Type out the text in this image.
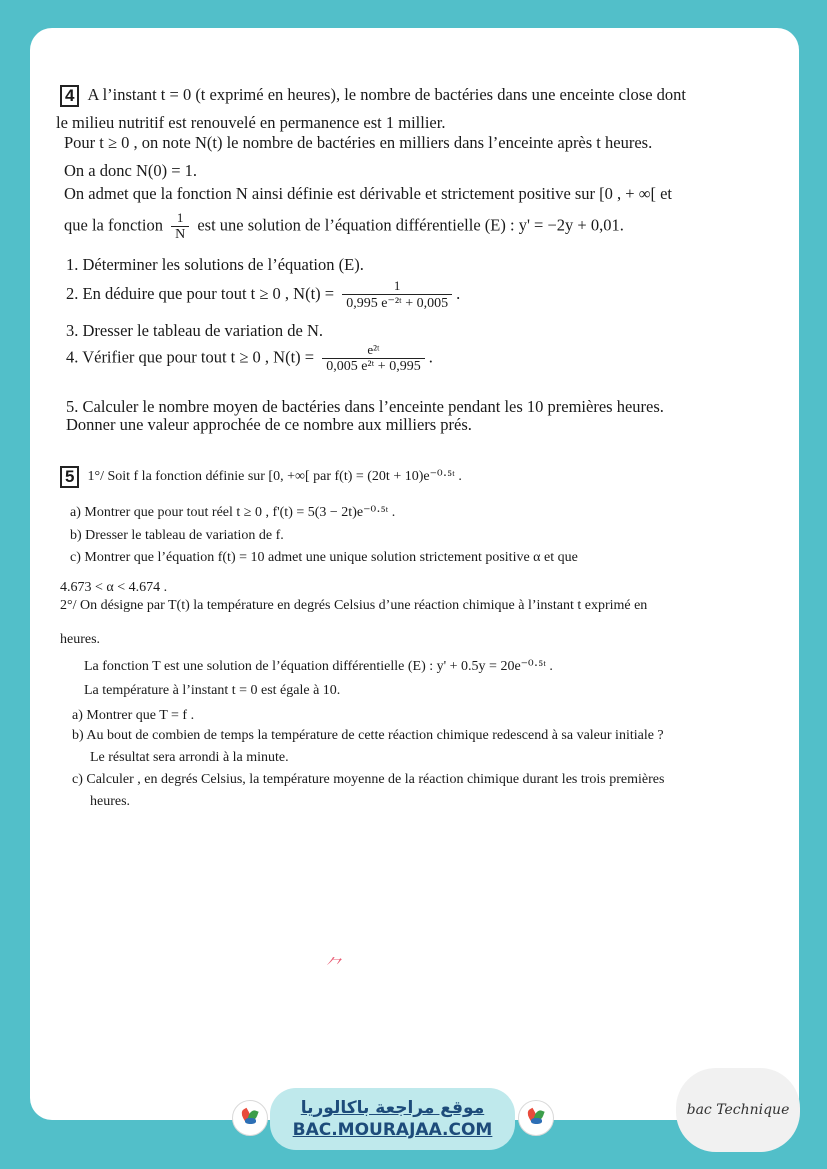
4 A l’instant t = 0 (t exprimé en heures), le nombre de bactéries dans une enceinte close dont
le milieu nutritif est renouvelé en permanence est 1 millier.
Pour t ≥ 0 , on note N(t) le nombre de bactéries en milliers dans l’enceinte après t heures.
On a donc N(0) = 1.
On admet que la fonction N ainsi définie est dérivable et strictement positive sur [0 , + ∞[ et
que la fonction $\frac{1}{N}$ est une solution de l’équation différentielle (E) : y' = −2y + 0,01.
1. Déterminer les solutions de l’équation (E).
2. En déduire que pour tout t ≥ 0 , $N(t) = \frac{1}{\text{0,995 e⁻²ᵗ + 0,005}}$ .
3. Dresser le tableau de variation de N.
4. Vérifier que pour tout t ≥ 0 , $N(t) = \frac{\text{e²ᵗ}}{\text{0,005 e²ᵗ + 0,995}}$ .
5. Calculer le nombre moyen de bactéries dans l’enceinte pendant les 10 premières heures.
Donner une valeur approchée de ce nombre aux milliers prés.
5 1°/ Soit f la fonction définie sur [0, +∞[ par f(t) = (20t + 10)e⁻⁰·⁵ᵗ .
a) Montrer que pour tout réel t ≥ 0 , f'(t) = 5(3 − 2t)e⁻⁰·⁵ᵗ .
b) Dresser le tableau de variation de f.
c) Montrer que l’équation f(t) = 10 admet une unique solution strictement positive α et que
4.673 < α < 4.674 .
2°/ On désigne par T(t) la température en degrés Celsius d’une réaction chimique à l’instant t exprimé en
heures.
La fonction T est une solution de l’équation différentielle (E) : y' + 0.5y = 20e⁻⁰·⁵ᵗ .
La température à l’instant t = 0 est égale à 10.
a) Montrer que T = f .
b) Au bout de combien de temps la température de cette réaction chimique redescend à sa valeur initiale ?
Le résultat sera arrondi à la minute.
c) Calculer , en degrés Celsius, la température moyenne de la réaction chimique durant les trois premières
heures.
⺈
موقع مراجعة باكالوريا
BAC.MOURAJAA.COM
bac Technique
